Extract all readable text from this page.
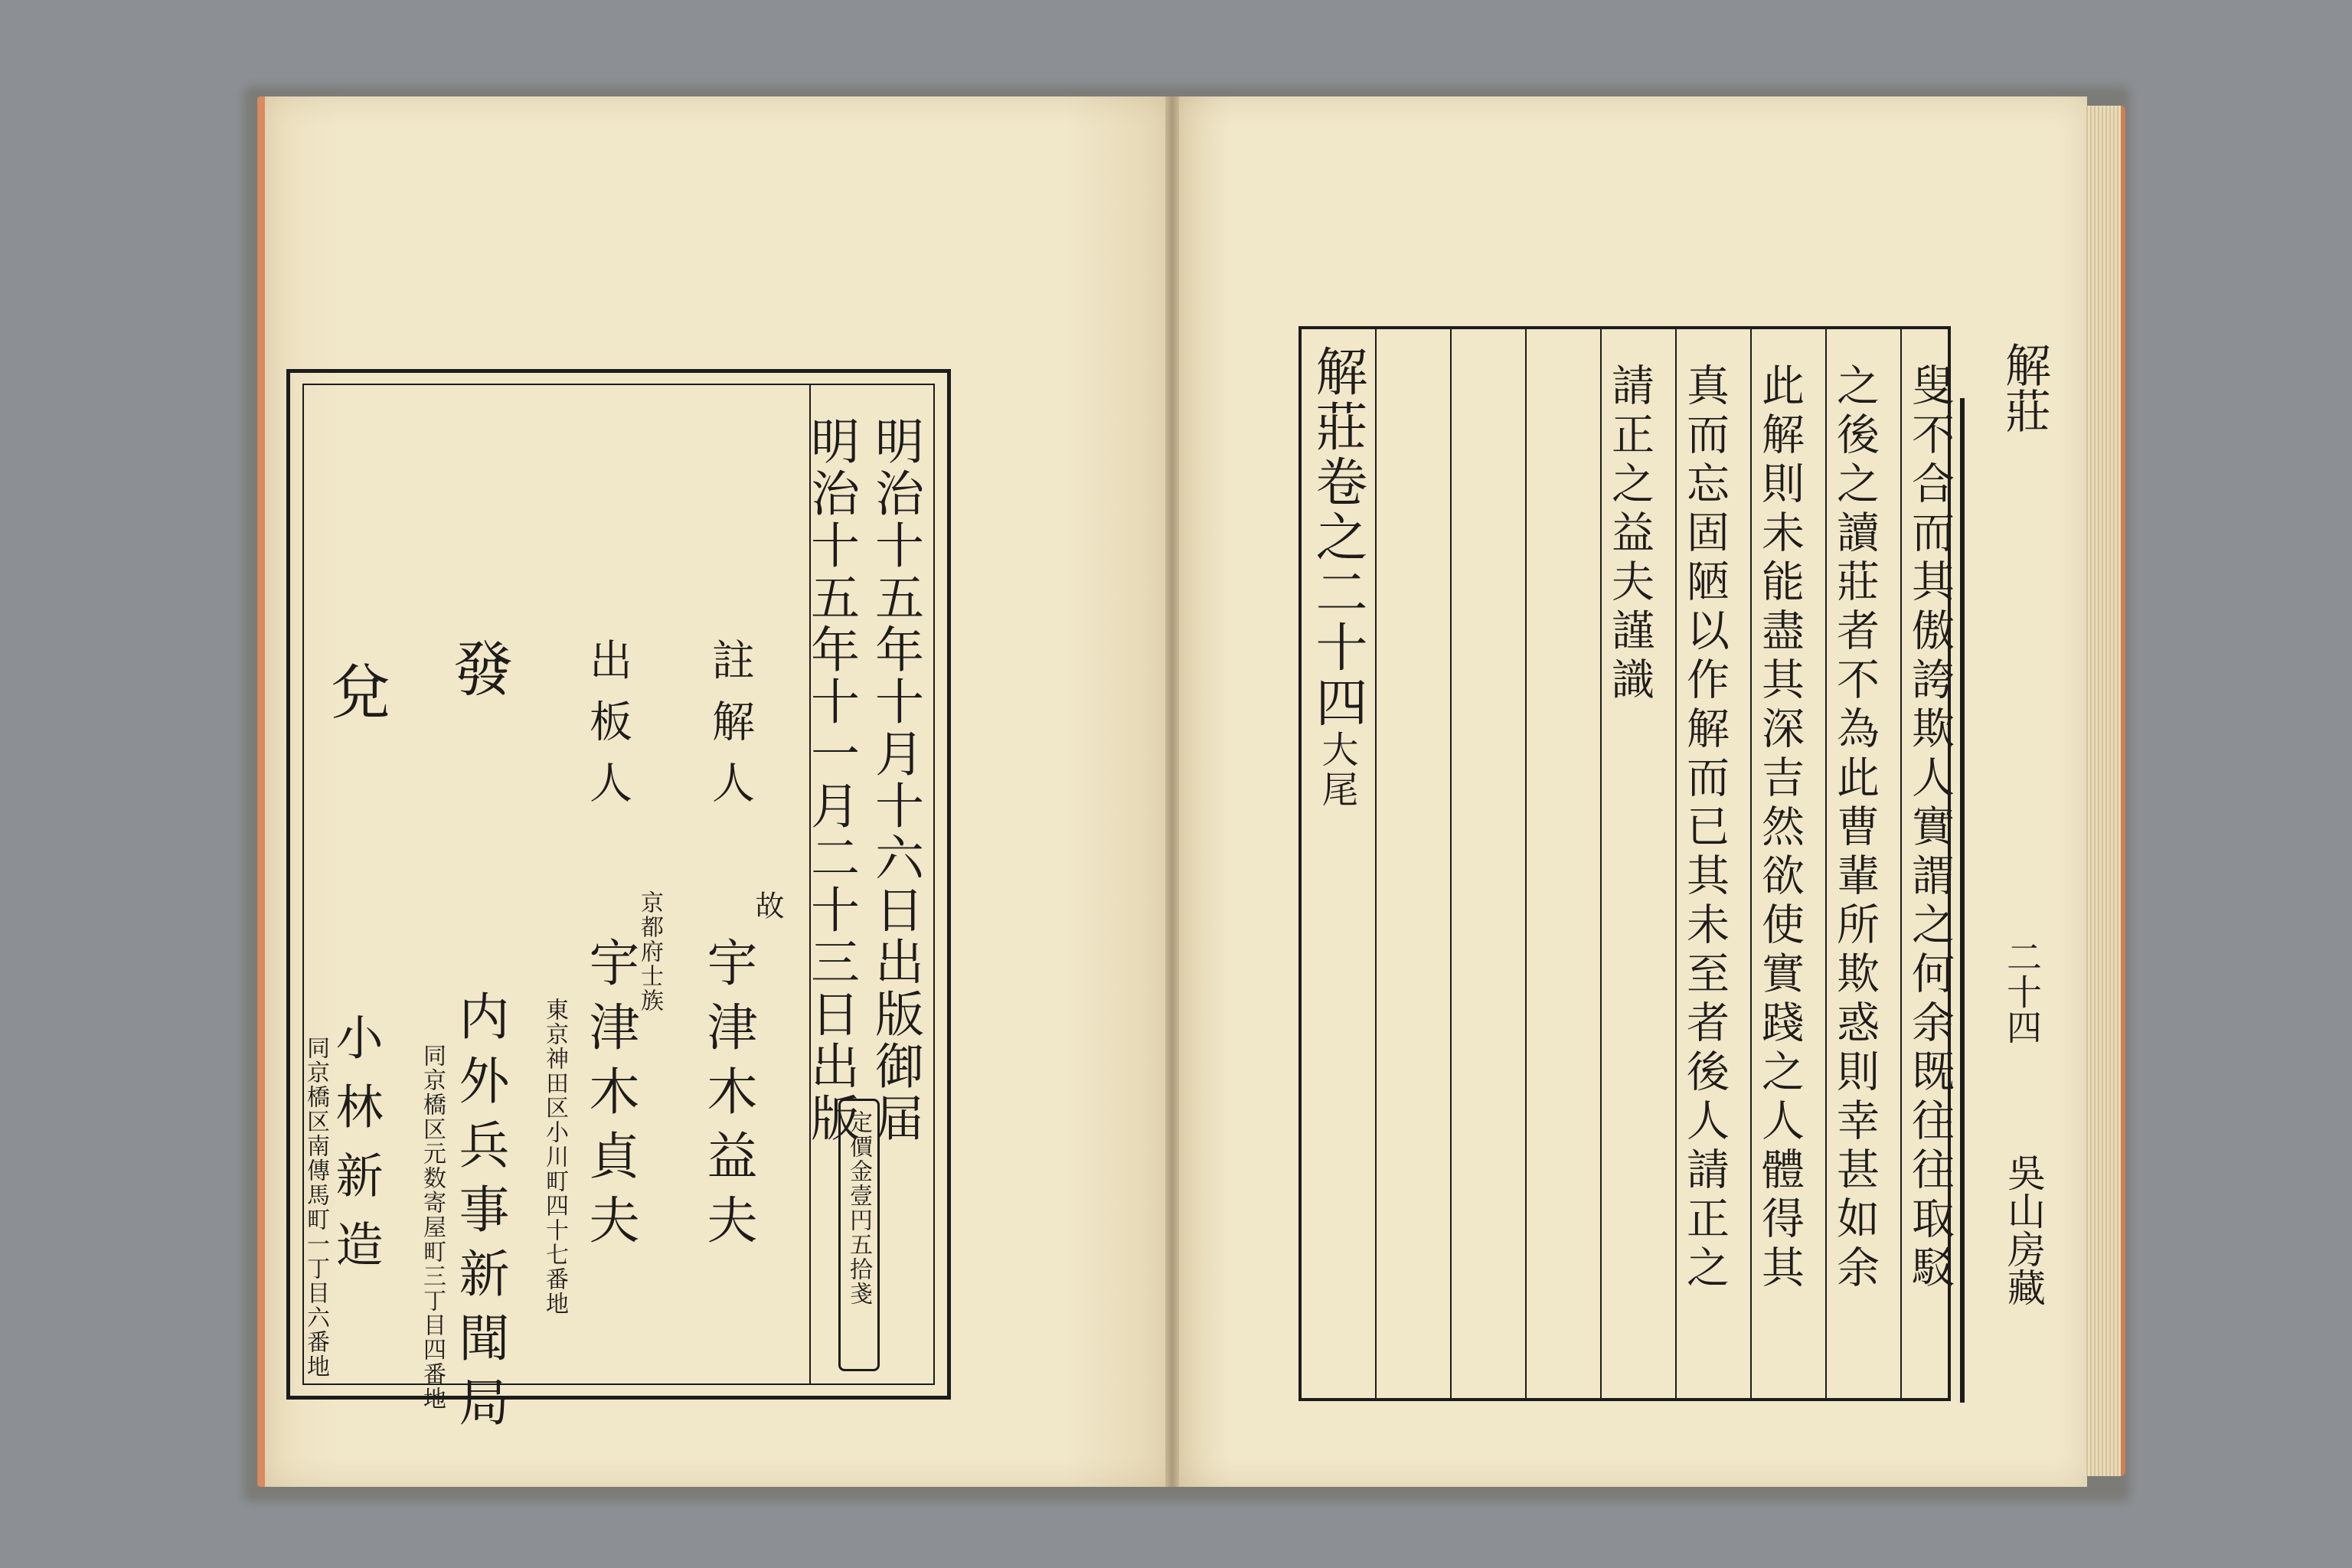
明治十五年十月十六日出版御届
明治十五年十一月二十三日出版
定價金壹円五拾戔
註解人
故
宇津木益夫
出板人
京都府士族
宇津木貞夫
東京神田区小川町四十七番地
發
内外兵事新聞局
同京橋区元数寄屋町三丁目四番地
兌
小林新造
同京橋区南傳馬町一丁目六番地	叟不合而其傲誇欺人實謂之何余既往往取駁
之後之讀莊者不為此曹輩所欺惑則幸甚如余
此解則未能盡其深吉然欲使實踐之人體得其
真而忘固陋以作解而已其未至者後人請正之
請正之益夫謹識
解莊卷之二十四大尾
解莊
二十四
吳山房藏
